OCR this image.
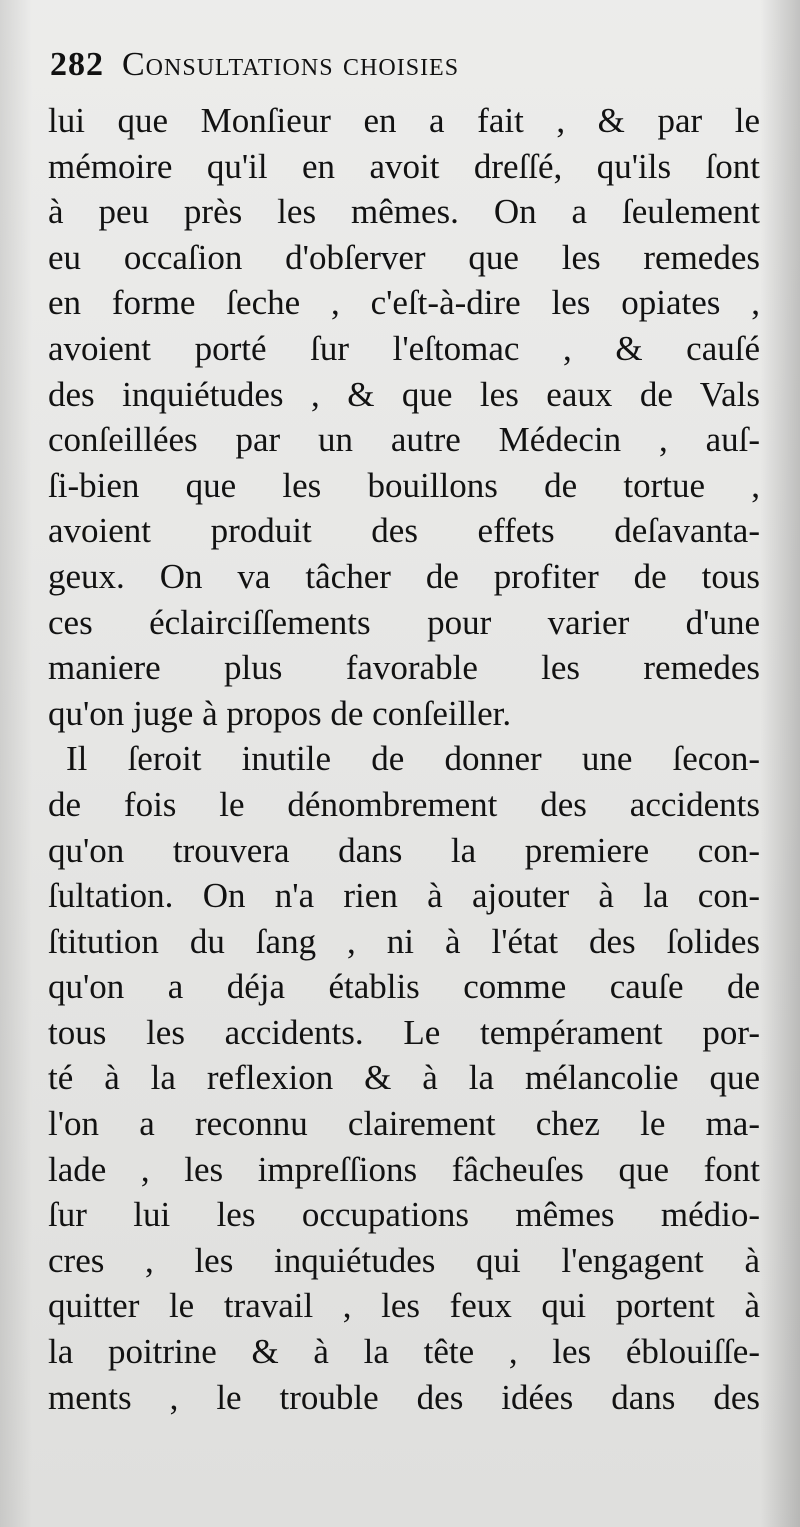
282 Consultations choisies
lui que Monſieur en a fait , & par le
mémoire qu'il en avoit dreſſé, qu'ils ſont
à peu près les mêmes. On a ſeulement
eu occaſion d'obſerver que les remedes
en forme ſeche , c'eſt-à-dire les opiates ,
avoient porté ſur l'eſtomac , & cauſé
des inquiétudes , & que les eaux de Vals
conſeillées par un autre Médecin , auſ-
ſi-bien que les bouillons de tortue ,
avoient produit des effets deſavanta-
geux. On va tâcher de profiter de tous
ces éclairciſſements pour varier d'une
maniere plus favorable les remedes
qu'on juge à propos de conſeiller.
Il ſeroit inutile de donner une ſecon-
de fois le dénombrement des accidents
qu'on trouvera dans la premiere con-
ſultation. On n'a rien à ajouter à la con-
ſtitution du ſang , ni à l'état des ſolides
qu'on a déja établis comme cauſe de
tous les accidents. Le tempérament por-
té à la reflexion & à la mélancolie que
l'on a reconnu clairement chez le ma-
lade , les impreſſions fâcheuſes que font
ſur lui les occupations mêmes médio-
cres , les inquiétudes qui l'engagent à
quitter le travail , les feux qui portent à
la poitrine & à la tête , les éblouiſſe-
ments , le trouble des idées dans des
